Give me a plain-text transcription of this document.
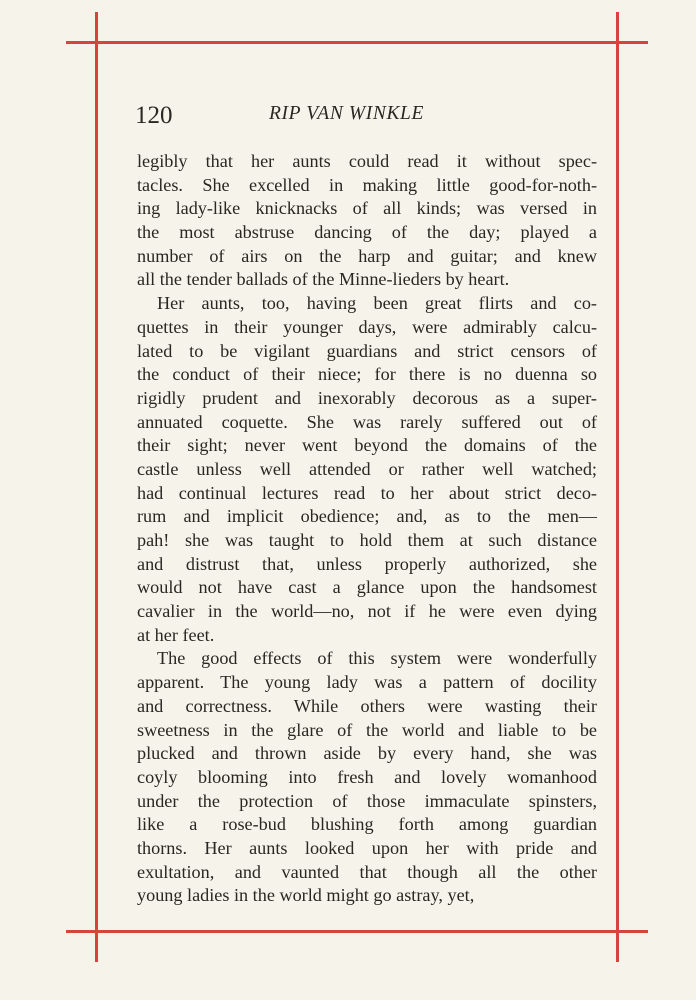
120	RIP VAN WINKLE

legibly that her aunts could read it without spec-
tacles. She excelled in making little good-for-noth-
ing lady-like knicknacks of all kinds; was versed in
the most abstruse dancing of the day; played a
number of airs on the harp and guitar; and knew
all the tender ballads of the Minne-lieders by heart.

Her aunts, too, having been great flirts and co-
quettes in their younger days, were admirably calcu-
lated to be vigilant guardians and strict censors of
the conduct of their niece; for there is no duenna so
rigidly prudent and inexorably decorous as a super-
annuated coquette. She was rarely suffered out of
their sight; never went beyond the domains of the
castle unless well attended or rather well watched;
had continual lectures read to her about strict deco-
rum and implicit obedience; and, as to the men—
pah! she was taught to hold them at such distance
and distrust that, unless properly authorized, she
would not have cast a glance upon the handsomest
cavalier in the world—no, not if he were even dying
at her feet.

The good effects of this system were wonderfully
apparent. The young lady was a pattern of docility
and correctness. While others were wasting their
sweetness in the glare of the world and liable to be
plucked and thrown aside by every hand, she was
coyly blooming into fresh and lovely womanhood
under the protection of those immaculate spinsters,
like a rose-bud blushing forth among guardian
thorns. Her aunts looked upon her with pride and
exultation, and vaunted that though all the other
young ladies in the world might go astray, yet,
